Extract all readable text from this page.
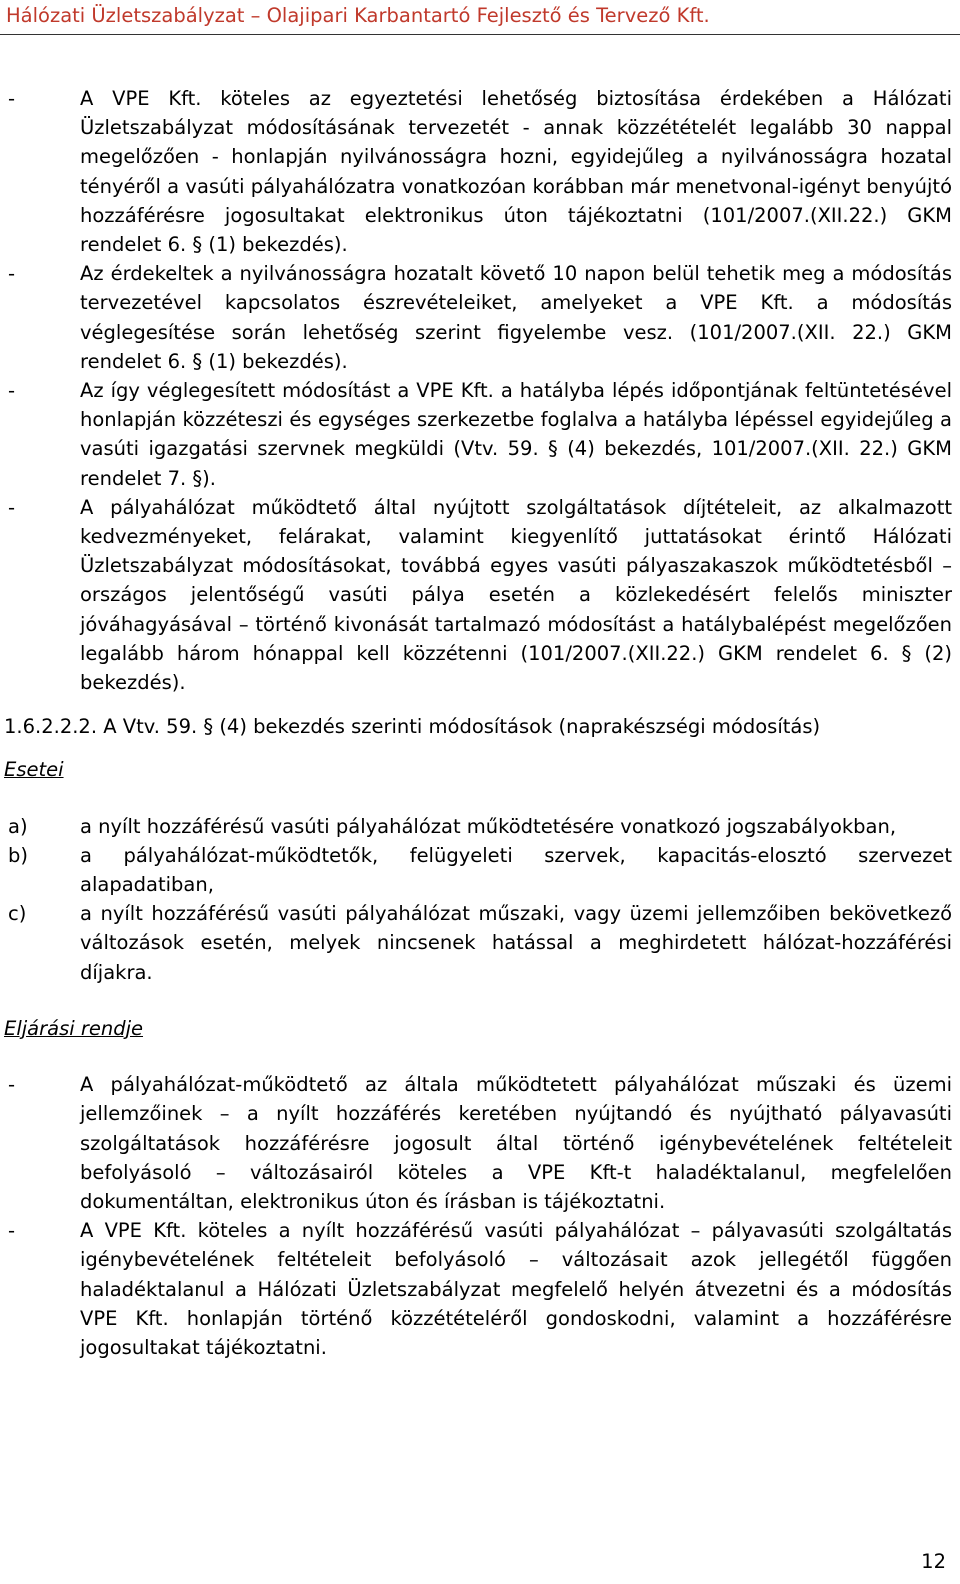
Hálózati Üzletszabályzat – Olajipari Karbantartó Fejlesztő és Tervező Kft.
-	A VPE Kft. köteles az egyeztetési lehetőség biztosítása érdekében a Hálózati Üzletszabályzat módosításának tervezetét - annak közzétételét legalább 30 nappal megelőzően - honlapján nyilvánosságra hozni, egyidejűleg a nyilvánosságra hozatal tényéről a vasúti pályahálózatra vonatkozóan korábban már menetvonal-igényt benyújtó hozzáférésre jogosultakat elektronikus úton tájékoztatni (101/2007.(XII.22.) GKM rendelet 6. § (1) bekezdés).
-	Az érdekeltek a nyilvánosságra hozatalt követő 10 napon belül tehetik meg a módosítás tervezetével kapcsolatos észrevételeiket, amelyeket a VPE Kft. a módosítás véglegesítése során lehetőség szerint figyelembe vesz. (101/2007.(XII. 22.) GKM rendelet 6. § (1) bekezdés).
-	Az így véglegesített módosítást a VPE Kft. a hatályba lépés időpontjának feltüntetésével honlapján közzéteszi és egységes szerkezetbe foglalva a hatályba lépéssel egyidejűleg a vasúti igazgatási szervnek megküldi (Vtv. 59. § (4) bekezdés, 101/2007.(XII. 22.) GKM rendelet 7. §).
-	A pályahálózat működtető által nyújtott szolgáltatások díjtételeit, az alkalmazott kedvezményeket, felárakat, valamint kiegyenlítő juttatásokat érintő Hálózati Üzletszabályzat módosításokat, továbbá egyes vasúti pályaszakaszok működtetésből – országos jelentőségű vasúti pálya esetén a közlekedésért felelős miniszter jóváhagyásával – történő kivonását tartalmazó módosítást a hatálybalépést megelőzően legalább három hónappal kell közzétenni (101/2007.(XII.22.) GKM rendelet 6. § (2) bekezdés).
1.6.2.2.2. A Vtv. 59. § (4) bekezdés szerinti módosítások (naprakészségi módosítás)
Esetei
a)	a nyílt hozzáférésű vasúti pályahálózat működtetésére vonatkozó jogszabályokban,
b)	a pályahálózat-működtetők, felügyeleti szervek, kapacitás-elosztó szervezet alapadatiban,
c)	a nyílt hozzáférésű vasúti pályahálózat műszaki, vagy üzemi jellemzőiben bekövetkező változások esetén, melyek nincsenek hatással a meghirdetett hálózat-hozzáférési díjakra.
Eljárási rendje
-	A pályahálózat-működtető az általa működtetett pályahálózat műszaki és üzemi jellemzőinek – a nyílt hozzáférés keretében nyújtandó és nyújtható pályavasúti szolgáltatások hozzáférésre jogosult által történő igénybevételének feltételeit befolyásoló – változásairól köteles a VPE Kft-t haladéktalanul, megfelelően dokumentáltan, elektronikus úton és írásban is tájékoztatni.
-	A VPE Kft. köteles a nyílt hozzáférésű vasúti pályahálózat – pályavasúti szolgáltatás igénybevételének feltételeit befolyásoló – változásait azok jellegétől függően haladéktalanul a Hálózati Üzletszabályzat megfelelő helyén átvezetni és a módosítás VPE Kft. honlapján történő közzétételéről gondoskodni, valamint a hozzáférésre jogosultakat tájékoztatni.
12
